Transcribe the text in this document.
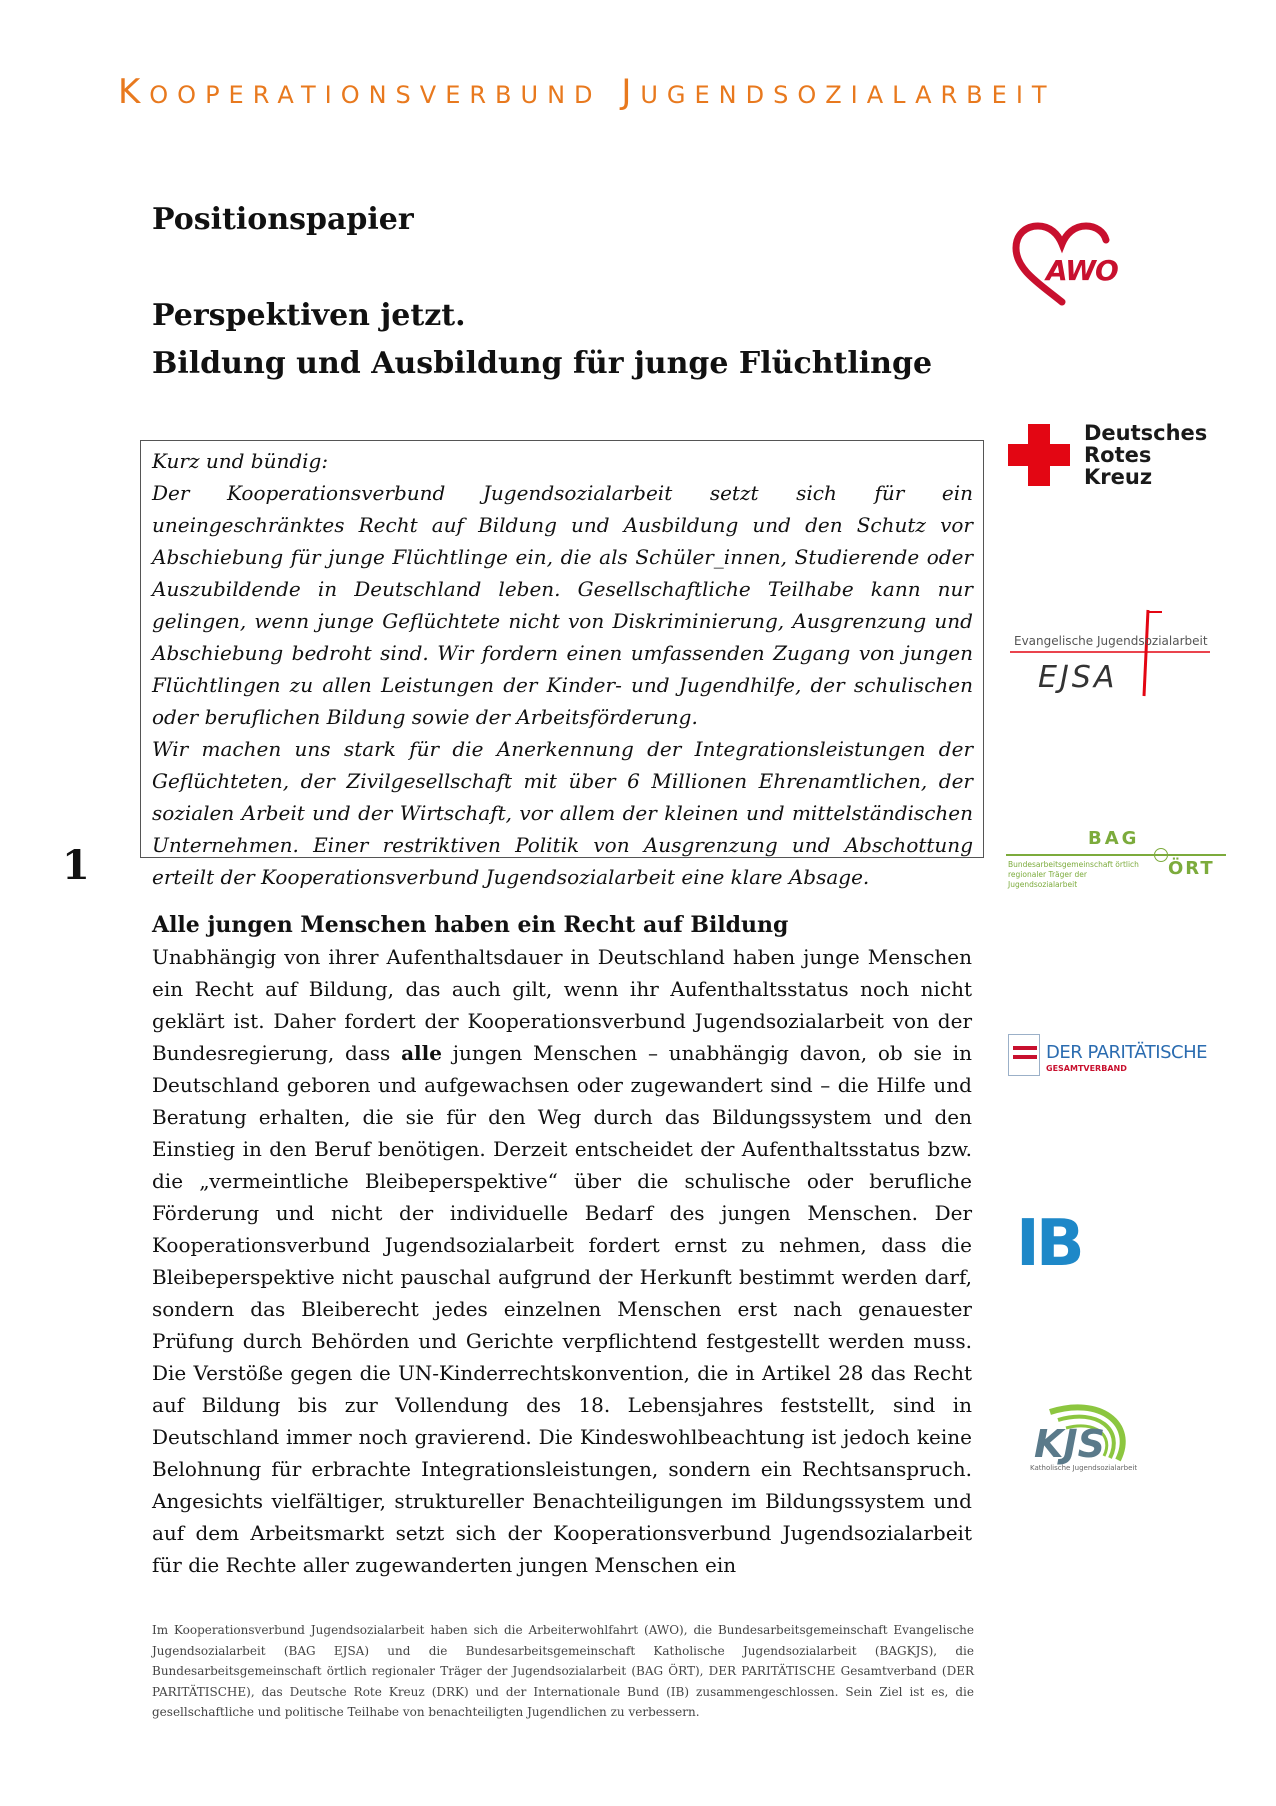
Kooperationsverbund Jugendsozialarbeit
Positionspapier
Perspektiven jetzt.
Bildung und Ausbildung für junge Flüchtlinge

Kurz und bündig:

Der Kooperationsverbund Jugendsozialarbeit setzt sich für ein uneingeschränktes Recht auf Bildung und Ausbildung und den Schutz vor Abschiebung für junge Flüchtlinge ein, die als Schüler_innen, Studierende oder Auszubildende in Deutschland leben. Gesellschaftliche Teilhabe kann nur gelingen, wenn junge Geflüchtete nicht von Diskriminierung, Ausgrenzung und Abschiebung bedroht sind. Wir fordern einen umfassenden Zugang von jungen Flüchtlingen zu allen Leistungen der Kinder- und Jugendhilfe, der schulischen oder beruflichen Bildung sowie der Arbeitsförderung.

Wir machen uns stark für die Anerkennung der Integrationsleistungen der Geflüchteten, der Zivilgesellschaft mit über 6 Millionen Ehrenamtlichen, der sozialen Arbeit und der Wirtschaft, vor allem der kleinen und mittelständischen Unternehmen. Einer restriktiven Politik von Ausgrenzung und Abschottung erteilt der Kooperationsverbund Jugendsozialarbeit eine klare Absage.

1
Alle jungen Menschen haben ein Recht auf Bildung

Unabhängig von ihrer Aufenthaltsdauer in Deutschland haben junge Menschen ein Recht auf Bildung, das auch gilt, wenn ihr Aufenthaltsstatus noch nicht geklärt ist. Daher fordert der Kooperationsverbund Jugendsozialarbeit von der Bundesregierung, dass alle jungen Menschen – unabhängig davon, ob sie in Deutschland geboren und aufgewachsen oder zugewandert sind – die Hilfe und Beratung erhalten, die sie für den Weg durch das Bildungssystem und den Einstieg in den Beruf benötigen. Derzeit entscheidet der Aufenthaltsstatus bzw. die „vermeintliche Bleibeperspektive“ über die schulische oder berufliche Förderung und nicht der individuelle Bedarf des jungen Menschen. Der Kooperationsverbund Jugendsozialarbeit fordert ernst zu nehmen, dass die Bleibeperspektive nicht pauschal aufgrund der Herkunft bestimmt werden darf, sondern das Bleiberecht jedes einzelnen Menschen erst nach genauester Prüfung durch Behörden und Gerichte verpflichtend festgestellt werden muss. Die Verstöße gegen die UN-Kinderrechtskonvention, die in Artikel 28 das Recht auf Bildung bis zur Vollendung des 18. Lebensjahres feststellt, sind in Deutschland immer noch gravierend. Die Kindeswohlbeachtung ist jedoch keine Belohnung für erbrachte Integrationsleistungen, sondern ein Rechtsanspruch. Angesichts vielfältiger, struktureller Benachteiligungen im Bildungssystem und auf dem Arbeitsmarkt setzt sich der Kooperationsverbund Jugendsozialarbeit für die Rechte aller zugewanderten jungen Menschen ein

Im Kooperationsverbund Jugendsozialarbeit haben sich die Arbeiterwohlfahrt (AWO), die Bundesarbeitsgemeinschaft Evangelische Jugendsozialarbeit (BAG EJSA) und die Bundesarbeitsgemeinschaft Katholische Jugendsozialarbeit (BAGKJS), die Bundesarbeitsgemeinschaft örtlich regionaler Träger der Jugendsozialarbeit (BAG ÖRT), DER PARITÄTISCHE Gesamtverband (DER PARITÄTISCHE), das Deutsche Rote Kreuz (DRK) und der Internationale Bund (IB) zusammengeschlossen. Sein Ziel ist es, die gesellschaftliche und politische Teilhabe von benachteiligten Jugendlichen zu verbessern.
AWO
Deutsches
Rotes
Kreuz
Evangelische Jugendsozialarbeit
EJSA
BAG
ÖRT
Bundesarbeitsgemeinschaft örtlich regionaler Träger der Jugendsozialarbeit
DER PARITÄTISCHE
GESAMTVERBAND
IB
KJS
Katholische Jugendsozialarbeit
